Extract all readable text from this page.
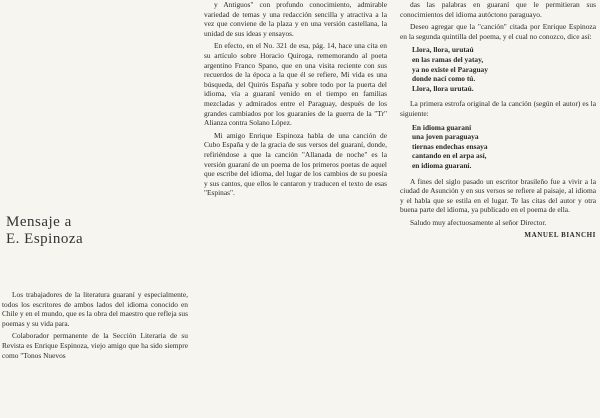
Mensaje a
E. Espinoza

Los trabajadores de la literatura guaraní y especialmente, todos los escritores de ambos lados del idioma conocido en Chile y en el mundo, que es la obra del maestro que refleja sus poemas y su vida para.

Colaborador permanente de la Sección Literaria de su Revista es Enrique Espinoza, viejo amigo que ha sido siempre como "Tonos Nuevos

y Antiguos" con profundo conocimiento, admirable variedad de temas y una redacción sencilla y atractiva a la vez que conviene de la plaza y en una versión castellana, la unidad de sus ideas y ensayos.

En efecto, en el No. 321 de esa, pág. 14, hace una cita en su artículo sobre Horacio Quiroga, rememorando al poeta argentino Franco Spano, que en una visita reciente con sus recuerdos de la época a la que él se refiere, Mi vida es una búsqueda, del Quirós España y sobre todo por la puerta del idioma, vía a guaraní venido en el tiempo en familias mezcladas y admirados entre el Paraguay, después de los grandes cambiados por los guaraníes de la guerra de la "Tr" Alianza contra Solano López.

Mi amigo Enrique Espinoza habla de una canción de Cubo España y de la gracia de sus versos del guaraní, donde, refiriéndose a que la canción "Allanada de noche" es la versión guaraní de un poema de los primeros poetas de aquel que escribe del idioma, del lugar de los cambios de su poesía y sus cantos, que ellos le cantaron y traducen el texto de esas "Espinas".

das las palabras en guaraní que le permitieran sus conocimientos del idioma autóctono paraguayo.

Deseo agregar que la "canción" citada por Enrique Espinoza en la segunda quintilla del poema, y el cual no conozco, dice así:

Llora, llora, urutaú
en las ramas del yatay,
ya no existe el Paraguay
donde nací como tú.
Llora, llora urutaú.

La primera estrofa original de la canción (según el autor) es la siguiente:

En idioma guaraní
una joven paraguaya
tiernas endechas ensaya
cantando en el arpa así,
en idioma guaraní.

A fines del siglo pasado un escritor brasileño fue a vivir a la ciudad de Asunción y en sus versos se refiere al paisaje, al idioma y el habla que se estila en el lugar. Te las citas del autor y otra buena parte del idioma, ya publicado en el poema de ella.

Saludo muy afectuosamente al señor Director.

MANUEL BIANCHI
